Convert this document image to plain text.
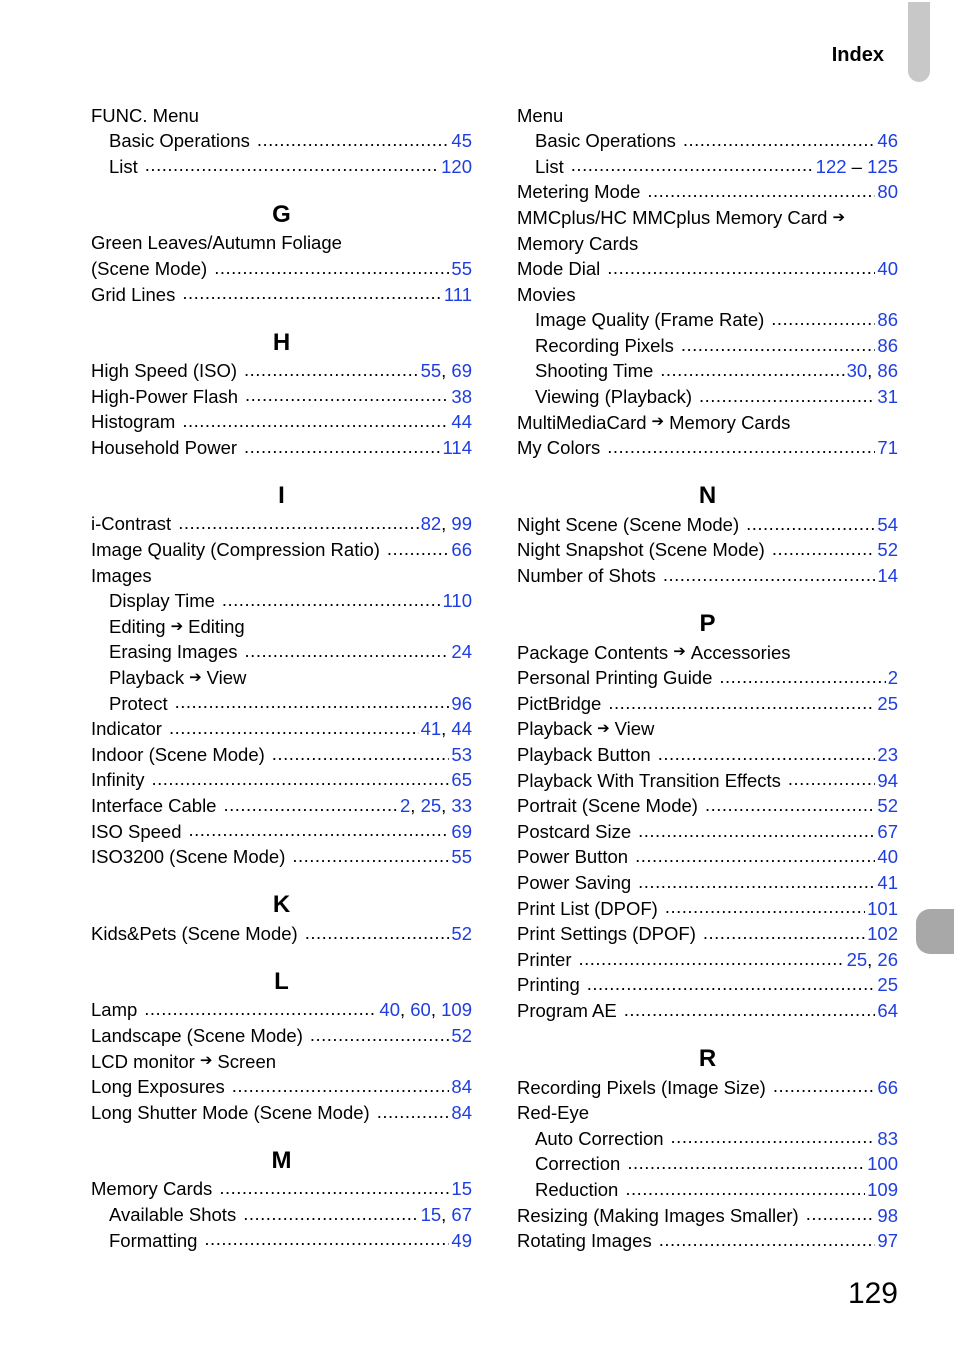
Index
FUNC. Menu
Basic Operations .....	45
List .....	120
G
Green Leaves/Autumn Foliage
(Scene Mode) .....	55
Grid Lines .....	111
H
High Speed (ISO) .....	55, 69
High-Power Flash .....	38
Histogram .....	44
Household Power .....	114
I
i-Contrast .....	82, 99
Image Quality (Compression Ratio) .....	66
Images
Display Time .....	110
Editing ➔ Editing
Erasing Images .....	24
Playback ➔ View
Protect .....	96
Indicator .....	41, 44
Indoor (Scene Mode) .....	53
Infinity .....	65
Interface Cable .....	2, 25, 33
ISO Speed .....	69
ISO3200 (Scene Mode) .....	55
K
Kids&Pets (Scene Mode) .....	52
L
Lamp .....	40, 60, 109
Landscape (Scene Mode) .....	52
LCD monitor ➔ Screen
Long Exposures .....	84
Long Shutter Mode (Scene Mode) .....	84
M
Memory Cards .....	15
Available Shots .....	15, 67
Formatting .....	49
Menu
Basic Operations .....	46
List .....	122 – 125
Metering Mode .....	80
MMCplus/HC MMCplus Memory Card ➔
Memory Cards
Mode Dial .....	40
Movies
Image Quality (Frame Rate) .....	86
Recording Pixels .....	86
Shooting Time .....	30, 86
Viewing (Playback) .....	31
MultiMediaCard ➔ Memory Cards
My Colors .....	71
N
Night Scene (Scene Mode) .....	54
Night Snapshot (Scene Mode) .....	52
Number of Shots .....	14
P
Package Contents ➔ Accessories
Personal Printing Guide .....	2
PictBridge .....	25
Playback ➔ View
Playback Button .....	23
Playback With Transition Effects .....	94
Portrait (Scene Mode) .....	52
Postcard Size .....	67
Power Button .....	40
Power Saving .....	41
Print List (DPOF) .....	101
Print Settings (DPOF) .....	102
Printer .....	25, 26
Printing .....	25
Program AE .....	64
R
Recording Pixels (Image Size) .....	66
Red-Eye
Auto Correction .....	83
Correction .....	100
Reduction .....	109
Resizing (Making Images Smaller) .....	98
Rotating Images .....	97
129
